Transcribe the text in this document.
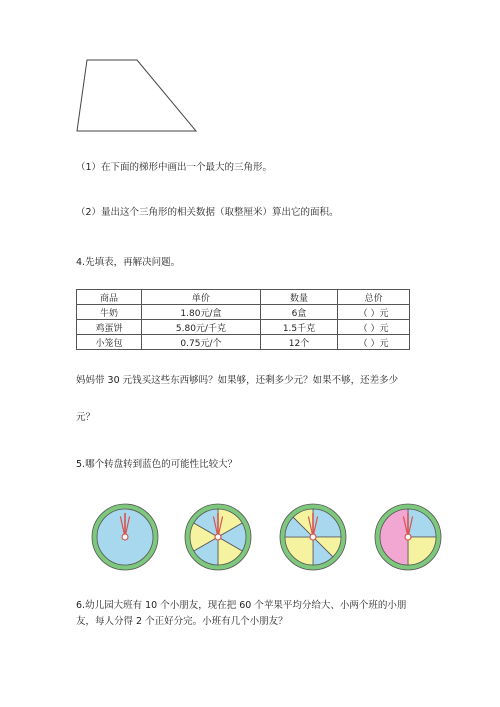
（1）在下面的梯形中画出一个最大的三角形。
（2）量出这个三角形的相关数据（取整厘米）算出它的面积。
4.先填表，再解决问题。
商品	单价	数量	总价
牛奶	1.80元/盒	6盒	（ ）元
鸡蛋饼	5.80元/千克	1.5千克	（ ）元
小笼包	0.75元/个	12个	（ ）元
妈妈带 30 元钱买这些东西够吗？如果够，还剩多少元？如果不够，还差多少
元？
5.哪个转盘转到蓝色的可能性比较大？
6.幼儿园大班有 10 个小朋友，现在把 60 个苹果平均分给大、小两个班的小朋
友，每人分得 2 个正好分完。小班有几个小朋友？
